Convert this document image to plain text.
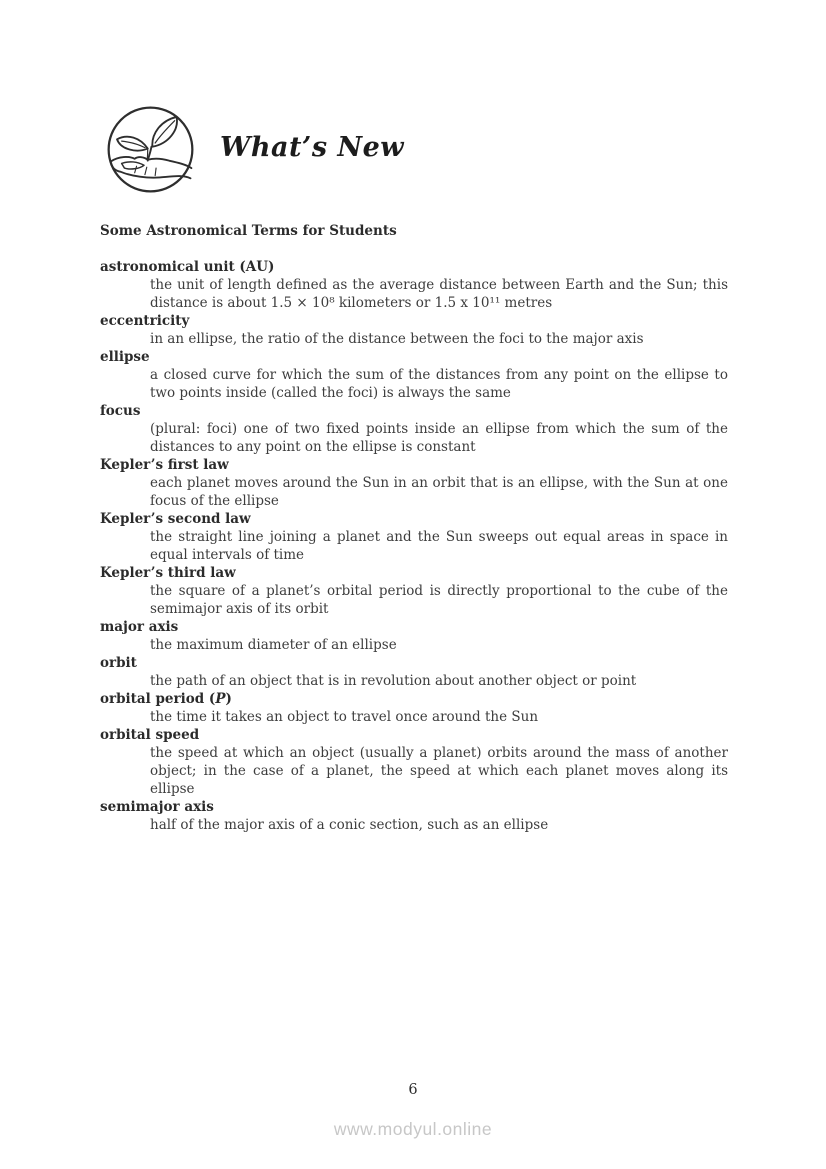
What’s New
Some Astronomical Terms for Students
astronomical unit (AU)
the unit of length defined as the average distance between Earth and the Sun; this distance is about 1.5 × 10⁸ kilometers or 1.5 x 10¹¹ metres
eccentricity
in an ellipse, the ratio of the distance between the foci to the major axis
ellipse
a closed curve for which the sum of the distances from any point on the ellipse to two points inside (called the foci) is always the same
focus
(plural: foci) one of two fixed points inside an ellipse from which the sum of the distances to any point on the ellipse is constant
Kepler’s first law
each planet moves around the Sun in an orbit that is an ellipse, with the Sun at one focus of the ellipse
Kepler’s second law
the straight line joining a planet and the Sun sweeps out equal areas in space in equal intervals of time
Kepler’s third law
the square of a planet’s orbital period is directly proportional to the cube of the semimajor axis of its orbit
major axis
the maximum diameter of an ellipse
orbit
the path of an object that is in revolution about another object or point
orbital period (P)
the time it takes an object to travel once around the Sun
orbital speed
the speed at which an object (usually a planet) orbits around the mass of another object; in the case of a planet, the speed at which each planet moves along its ellipse
semimajor axis
half of the major axis of a conic section, such as an ellipse
6
www.modyul.online
